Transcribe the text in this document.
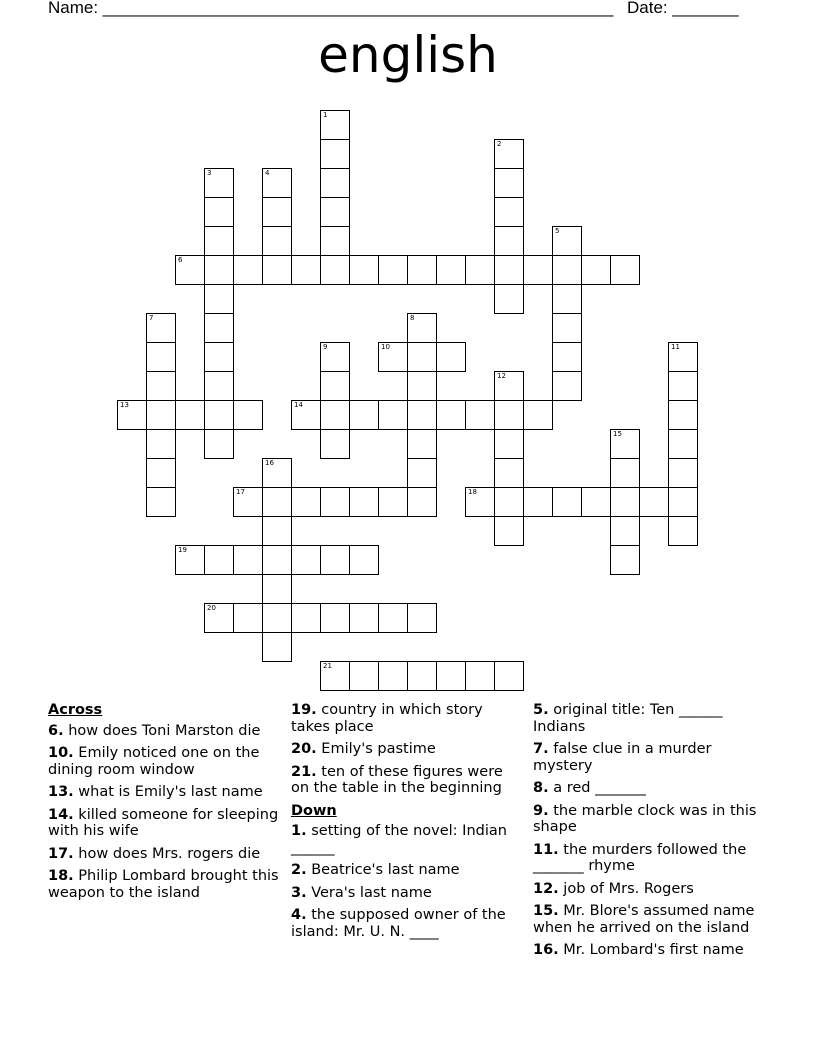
Name: ______________________________________________________ Date: _______
english
1
2
3	4
5
6
7	8
9	10	11
12
13	14
15
16
17	18
19
20
21
Across
6. how does Toni Marston die
10. Emily noticed one on the dining room window
13. what is Emily's last name
14. killed someone for sleeping with his wife
17. how does Mrs. rogers die
18. Philip Lombard brought this weapon to the island
19. country in which story takes place
20. Emily's pastime
21. ten of these figures were on the table in the beginning
Down
1. setting of the novel: Indian ______
2. Beatrice's last name
3. Vera's last name
4. the supposed owner of the island: Mr. U. N. ____
5. original title: Ten ______ Indians
7. false clue in a murder mystery
8. a red _______
9. the marble clock was in this shape
11. the murders followed the _______ rhyme
12. job of Mrs. Rogers
15. Mr. Blore's assumed name when he arrived on the island
16. Mr. Lombard's first name
